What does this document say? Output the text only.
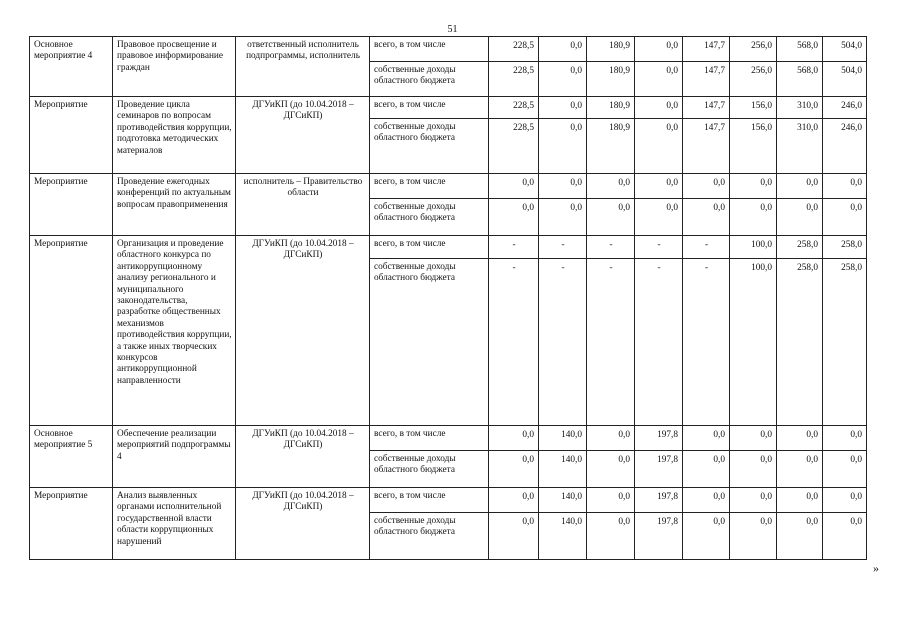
51
Основное мероприятие 4	Правовое просвещение и правовое информирование граждан	ответственный исполнитель подпрограммы, исполнитель	всего, в том числе	228,5	0,0	180,9	0,0	147,7	256,0	568,0	504,0
			собственные доходы областного бюджета	228,5	0,0	180,9	0,0	147,7	256,0	568,0	504,0
Мероприятие	Проведение цикла семинаров по вопросам противодействия коррупции, подготовка методических материалов	ДГУиКП (до 10.04.2018 – ДГСиКП)	всего, в том числе	228,5	0,0	180,9	0,0	147,7	156,0	310,0	246,0
			собственные доходы областного бюджета	228,5	0,0	180,9	0,0	147,7	156,0	310,0	246,0
Мероприятие	Проведение ежегодных конференций по актуальным вопросам правоприменения	исполнитель – Правительство области	всего, в том числе	0,0	0,0	0,0	0,0	0,0	0,0	0,0	0,0
			собственные доходы областного бюджета	0,0	0,0	0,0	0,0	0,0	0,0	0,0	0,0
Мероприятие	Организация и проведение областного конкурса по антикоррупционному анализу регионального и муниципального законодательства, разработке общественных механизмов противодействия коррупции, а также иных творческих конкурсов антикоррупционной направленности	ДГУиКП (до 10.04.2018 – ДГСиКП)	всего, в том числе	-	-	-	-	-	100,0	258,0	258,0
			собственные доходы областного бюджета	-	-	-	-	-	100,0	258,0	258,0
Основное мероприятие 5	Обеспечение реализации мероприятий подпрограммы 4	ДГУиКП (до 10.04.2018 – ДГСиКП)	всего, в том числе	0,0	140,0	0,0	197,8	0,0	0,0	0,0	0,0
			собственные доходы областного бюджета	0,0	140,0	0,0	197,8	0,0	0,0	0,0	0,0
Мероприятие	Анализ выявленных органами исполнительной государственной власти области коррупционных нарушений	ДГУиКП (до 10.04.2018 – ДГСиКП)	всего, в том числе	0,0	140,0	0,0	197,8	0,0	0,0	0,0	0,0
			собственные доходы областного бюджета	0,0	140,0	0,0	197,8	0,0	0,0	0,0	0,0
»
